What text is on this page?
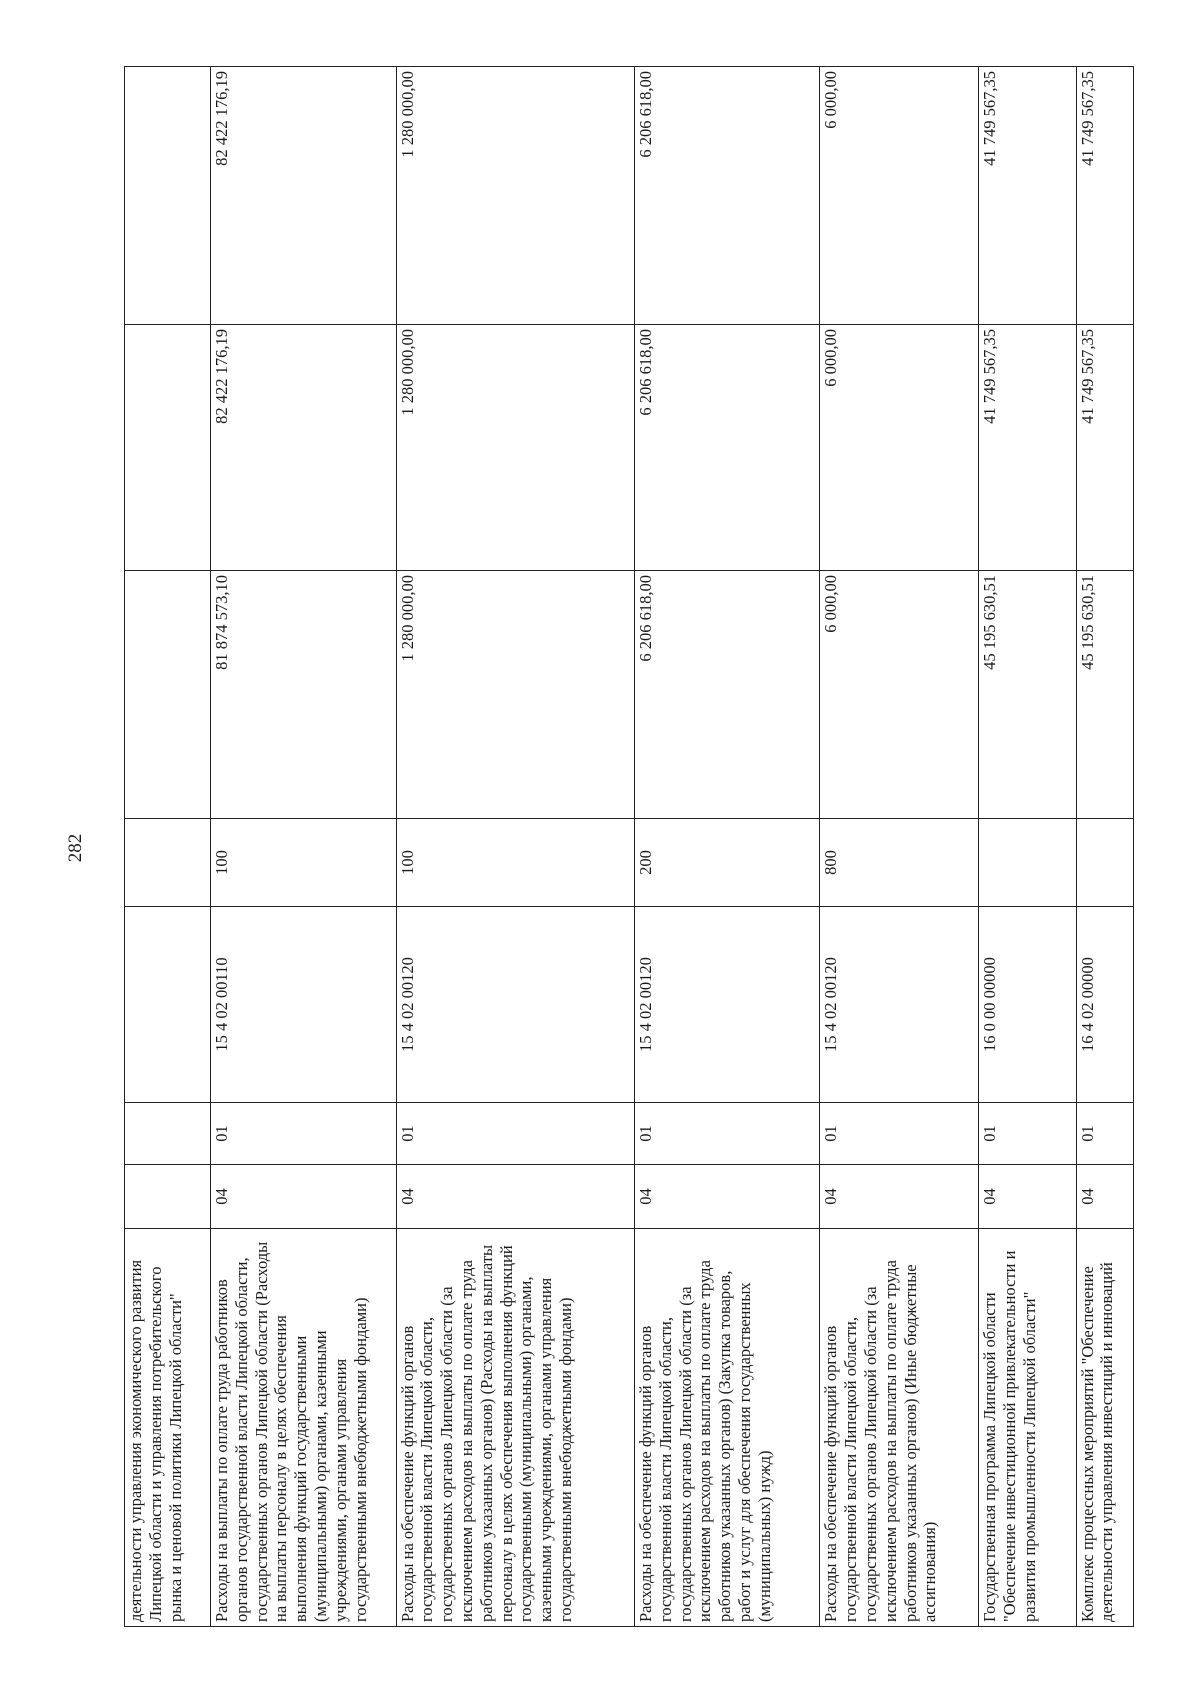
282
деятельности управления экономического развития Липецкой области и управления потребительского рынка и ценовой политики Липецкой области"							
Расходы на выплаты по оплате труда работников органов государственной власти Липецкой области, государственных органов Липецкой области (Расходы на выплаты персоналу в целях обеспечения выполнения функций государственными (муниципальными) органами, казенными учреждениями, органами управления государственными внебюджетными фондами)	04	01	15 4 02 00110	100	81 874 573,10	82 422 176,19	82 422 176,19
Расходы на обеспечение функций органов государственной власти Липецкой области, государственных органов Липецкой области (за исключением расходов на выплаты по оплате труда работников указанных органов) (Расходы на выплаты персоналу в целях обеспечения выполнения функций государственными (муниципальными) органами, казенными учреждениями, органами управления государственными внебюджетными фондами)	04	01	15 4 02 00120	100	1 280 000,00	1 280 000,00	1 280 000,00
Расходы на обеспечение функций органов государственной власти Липецкой области, государственных органов Липецкой области (за исключением расходов на выплаты по оплате труда работников указанных органов) (Закупка товаров, работ и услуг для обеспечения государственных (муниципальных) нужд)	04	01	15 4 02 00120	200	6 206 618,00	6 206 618,00	6 206 618,00
Расходы на обеспечение функций органов государственной власти Липецкой области, государственных органов Липецкой области (за исключением расходов на выплаты по оплате труда работников указанных органов) (Иные бюджетные ассигнования)	04	01	15 4 02 00120	800	6 000,00	6 000,00	6 000,00
Государственная программа Липецкой области "Обеспечение инвестиционной привлекательности и развития промышленности Липецкой области"	04	01	16 0 00 00000		45 195 630,51	41 749 567,35	41 749 567,35
Комплекс процессных мероприятий "Обеспечение деятельности управления инвестиций и инноваций	04	01	16 4 02 00000		45 195 630,51	41 749 567,35	41 749 567,35
